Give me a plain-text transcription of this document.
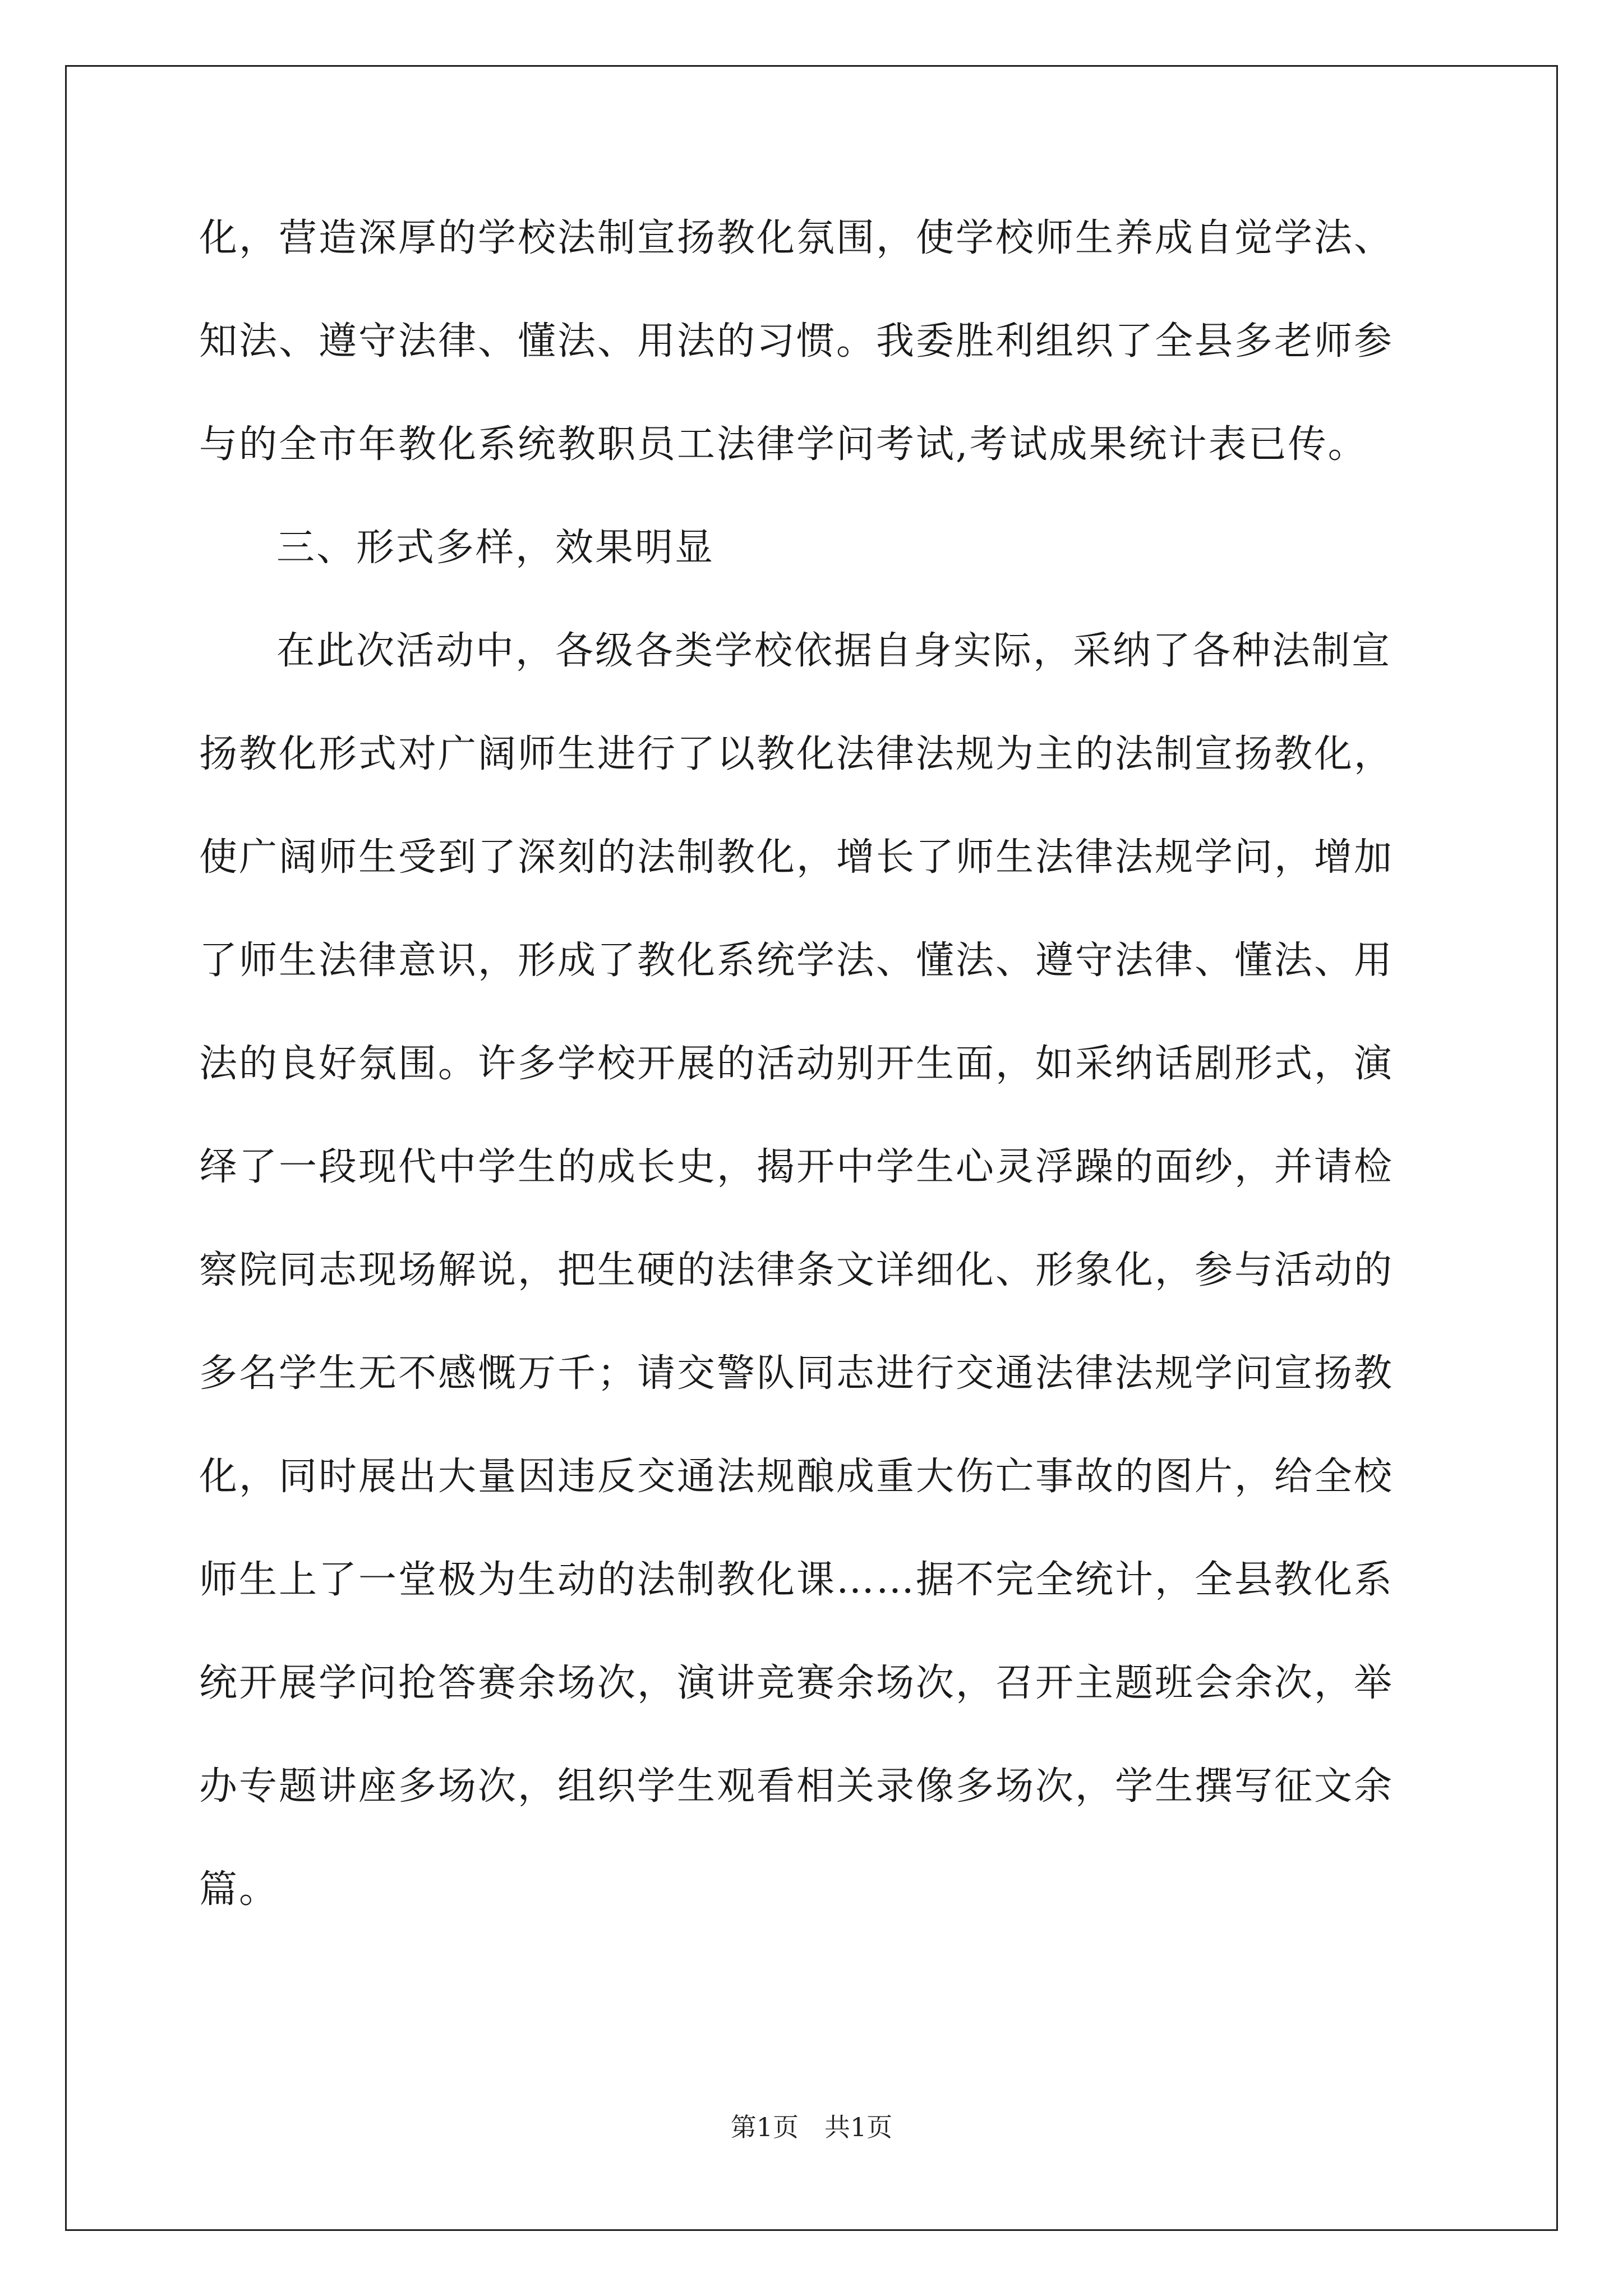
化，营造深厚的学校法制宣扬教化氛围，使学校师生养成自觉学法、
知法、遵守法律、懂法、用法的习惯。我委胜利组织了全县多老师参
与的全市年教化系统教职员工法律学问考试,考试成果统计表已传。
三、形式多样，效果明显
在此次活动中，各级各类学校依据自身实际，采纳了各种法制宣
扬教化形式对广阔师生进行了以教化法律法规为主的法制宣扬教化，
使广阔师生受到了深刻的法制教化，增长了师生法律法规学问，增加
了师生法律意识，形成了教化系统学法、懂法、遵守法律、懂法、用
法的良好氛围。许多学校开展的活动别开生面，如采纳话剧形式，演
绎了一段现代中学生的成长史，揭开中学生心灵浮躁的面纱，并请检
察院同志现场解说，把生硬的法律条文详细化、形象化，参与活动的
多名学生无不感慨万千；请交警队同志进行交通法律法规学问宣扬教
化，同时展出大量因违反交通法规酿成重大伤亡事故的图片，给全校
师生上了一堂极为生动的法制教化课……据不完全统计，全县教化系
统开展学问抢答赛余场次，演讲竞赛余场次，召开主题班会余次，举
办专题讲座多场次，组织学生观看相关录像多场次，学生撰写征文余
篇。
第1页　共1页
